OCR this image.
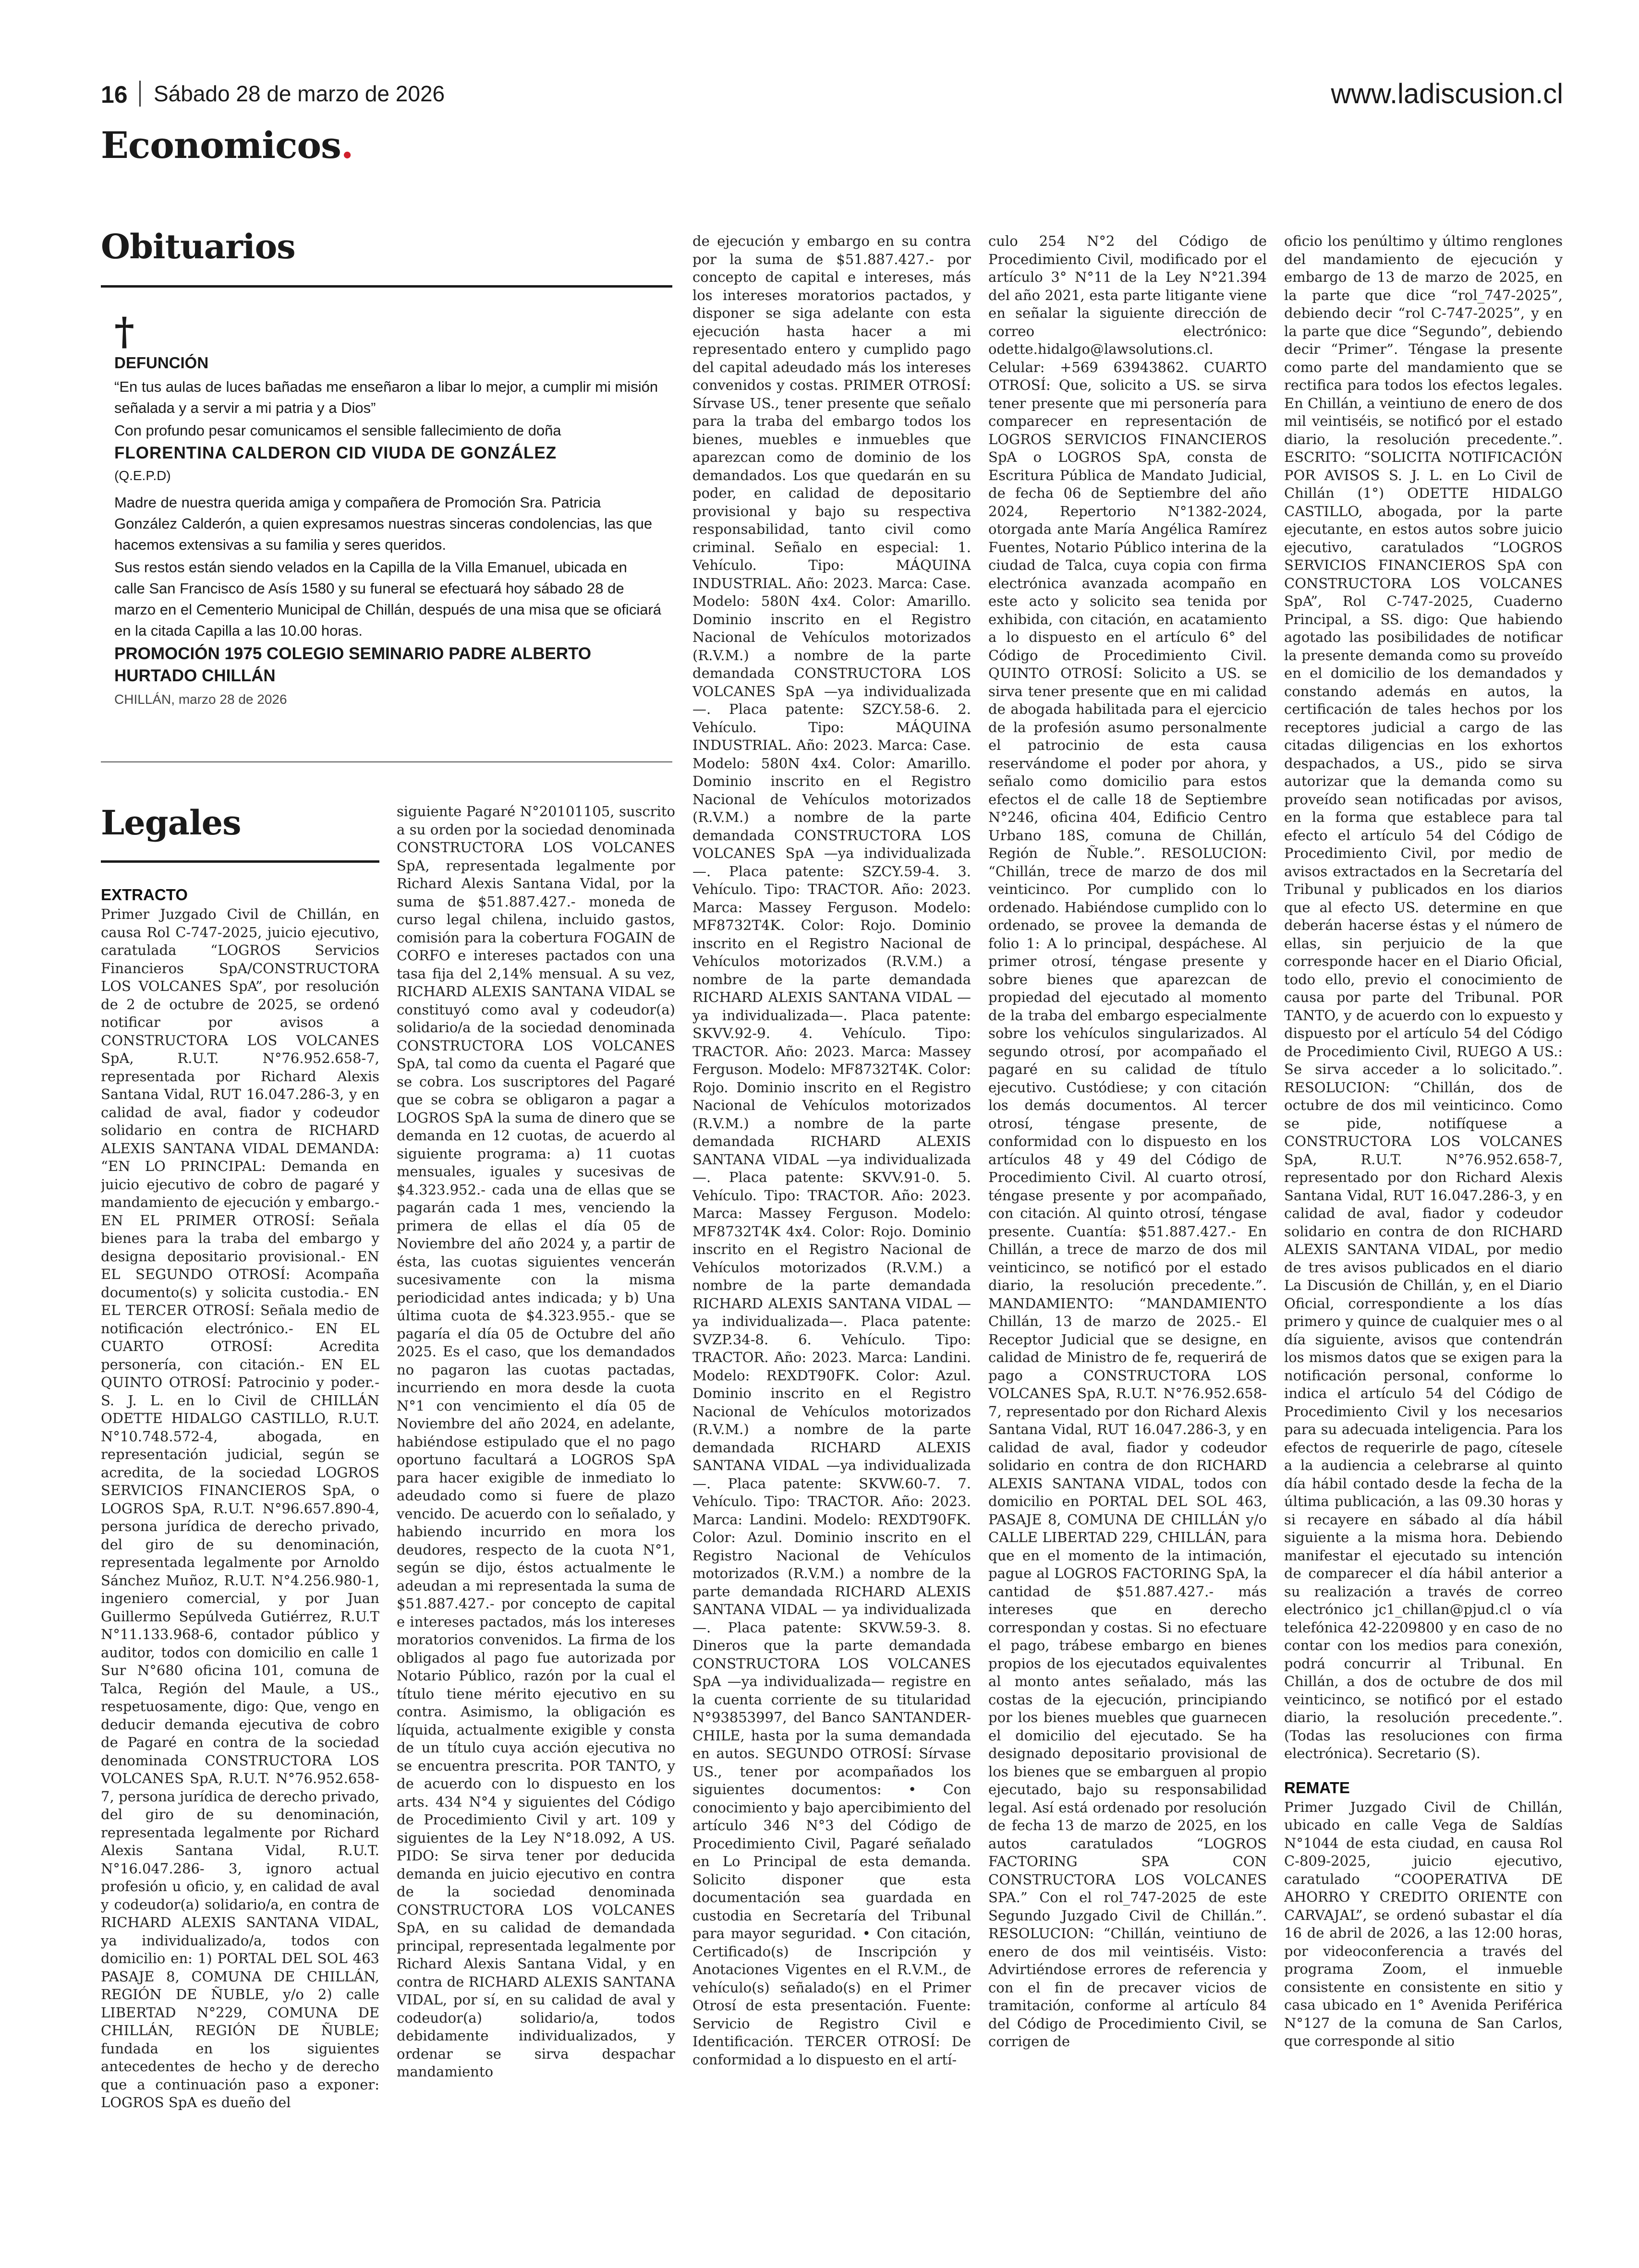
16 Sábado 28 de marzo de 2026	www.ladiscusion.cl
Economicos.
Obituarios

†

DEFUNCIÓN

“En tus aulas de luces bañadas me enseñaron a libar lo mejor, a cumplir mi misión señalada y a servir a mi patria y a Dios”

Con profundo pesar comunicamos el sensible fallecimiento de doña

FLORENTINA CALDERON CID VIUDA DE GONZÁLEZ

(Q.E.P.D)

Madre de nuestra querida amiga y compañera de Promoción Sra. Patricia González Calderón, a quien expresamos nuestras sinceras condolencias, las que hacemos extensivas a su familia y seres queridos.

Sus restos están siendo velados en la Capilla de la Villa Emanuel, ubicada en calle San Francisco de Asís 1580 y su funeral se efectuará hoy sábado 28 de marzo en el Cementerio Municipal de Chillán, después de una misa que se oficiará en la citada Capilla a las 10.00 horas.

PROMOCIÓN 1975 COLEGIO SEMINARIO PADRE ALBERTO HURTADO CHILLÁN

CHILLÁN, marzo 28 de 2026

Legales
EXTRACTO
Primer Juzgado Civil de Chillán, en causa Rol C-747-2025, juicio ejecutivo, caratulada “LOGROS Servicios Financieros SpA/CONSTRUCTORA LOS VOLCANES SpA”, por resolución de 2 de octubre de 2025, se ordenó notificar por avisos a CONSTRUCTORA LOS VOLCANES SpA, R.U.T. N°76.952.658-7, representada por Richard Alexis Santana Vidal, RUT 16.047.286-3, y en calidad de aval, fiador y codeudor solidario en contra de RICHARD ALEXIS SANTANA VIDAL DEMANDA: “EN LO PRINCIPAL: Demanda en juicio ejecutivo de cobro de pagaré y mandamiento de ejecución y embargo.- EN EL PRIMER OTROSÍ: Señala bienes para la traba del embargo y designa depositario provisional.- EN EL SEGUNDO OTROSÍ: Acompaña documento(s) y solicita custodia.- EN EL TERCER OTROSÍ: Señala medio de notificación electrónico.- EN EL CUARTO OTROSÍ: Acredita personería, con citación.- EN EL QUINTO OTROSÍ: Patrocinio y poder.- S. J. L. en lo Civil de CHILLÁN ODETTE HIDALGO CASTILLO, R.U.T. N°10.748.572-4, abogada, en representación judicial, según se acredita, de la sociedad LOGROS SERVICIOS FINANCIEROS SpA, o LOGROS SpA, R.U.T. N°96.657.890-4, persona jurídica de derecho privado, del giro de su denominación, representada legalmente por Arnoldo Sánchez Muñoz, R.U.T. N°4.256.980-1, ingeniero comercial, y por Juan Guillermo Sepúlveda Gutiérrez, R.U.T N°11.133.968-6, contador público y auditor, todos con domicilio en calle 1 Sur N°680 oficina 101, comuna de Talca, Región del Maule, a US., respetuosamente, digo: Que, vengo en deducir demanda ejecutiva de cobro de Pagaré en contra de la sociedad denominada CONSTRUCTORA LOS VOLCANES SpA, R.U.T. N°76.952.658-7, persona jurídica de derecho privado, del giro de su denominación, representada legalmente por Richard Alexis Santana Vidal, R.U.T. N°16.047.286- 3, ignoro actual profesión u oficio, y, en calidad de aval y codeudor(a) solidario/a, en contra de RICHARD ALEXIS SANTANA VIDAL, ya individualizado/a, todos con domicilio en: 1) PORTAL DEL SOL 463 PASAJE 8, COMUNA DE CHILLÁN, REGIÓN DE ÑUBLE, y/o 2) calle LIBERTAD N°229, COMUNA DE CHILLÁN, REGIÓN DE ÑUBLE; fundada en los siguientes antecedentes de hecho y de derecho que a continuación paso a exponer: LOGROS SpA es dueño del
siguiente Pagaré N°20101105, suscrito a su orden por la sociedad denominada CONSTRUCTORA LOS VOLCANES SpA, representada legalmente por Richard Alexis Santana Vidal, por la suma de $51.887.427.- moneda de curso legal chilena, incluido gastos, comisión para la cobertura FOGAIN de CORFO e intereses pactados con una tasa fija del 2,14% mensual. A su vez, RICHARD ALEXIS SANTANA VIDAL se constituyó como aval y codeudor(a) solidario/a de la sociedad denominada CONSTRUCTORA LOS VOLCANES SpA, tal como da cuenta el Pagaré que se cobra. Los suscriptores del Pagaré que se cobra se obligaron a pagar a LOGROS SpA la suma de dinero que se demanda en 12 cuotas, de acuerdo al siguiente programa: a) 11 cuotas mensuales, iguales y sucesivas de $4.323.952.- cada una de ellas que se pagarán cada 1 mes, venciendo la primera de ellas el día 05 de Noviembre del año 2024 y, a partir de ésta, las cuotas siguientes vencerán sucesivamente con la misma periodicidad antes indicada; y b) Una última cuota de $4.323.955.- que se pagaría el día 05 de Octubre del año 2025. Es el caso, que los demandados no pagaron las cuotas pactadas, incurriendo en mora desde la cuota N°1 con vencimiento el día 05 de Noviembre del año 2024, en adelante, habiéndose estipulado que el no pago oportuno facultará a LOGROS SpA para hacer exigible de inmediato lo adeudado como si fuere de plazo vencido. De acuerdo con lo señalado, y habiendo incurrido en mora los deudores, respecto de la cuota N°1, según se dijo, éstos actualmente le adeudan a mi representada la suma de $51.887.427.- por concepto de capital e intereses pactados, más los intereses moratorios convenidos. La firma de los obligados al pago fue autorizada por Notario Público, razón por la cual el título tiene mérito ejecutivo en su contra. Asimismo, la obligación es líquida, actualmente exigible y consta de un título cuya acción ejecutiva no se encuentra prescrita. POR TANTO, y de acuerdo con lo dispuesto en los arts. 434 N°4 y siguientes del Código de Procedimiento Civil y art. 109 y siguientes de la Ley N°18.092, A US. PIDO: Se sirva tener por deducida demanda en juicio ejecutivo en contra de la sociedad denominada CONSTRUCTORA LOS VOLCANES SpA, en su calidad de demandada principal, representada legalmente por Richard Alexis Santana Vidal, y en contra de RICHARD ALEXIS SANTANA VIDAL, por sí, en su calidad de aval y codeudor(a) solidario/a, todos debidamente individualizados, y ordenar se sirva despachar mandamiento
de ejecución y embargo en su contra por la suma de $51.887.427.- por concepto de capital e intereses, más los intereses moratorios pactados, y disponer se siga adelante con esta ejecución hasta hacer a mi representado entero y cumplido pago del capital adeudado más los intereses convenidos y costas. PRIMER OTROSÍ: Sírvase US., tener presente que señalo para la traba del embargo todos los bienes, muebles e inmuebles que aparezcan como de dominio de los demandados. Los que quedarán en su poder, en calidad de depositario provisional y bajo su respectiva responsabilidad, tanto civil como criminal. Señalo en especial: 1. Vehículo. Tipo: MÁQUINA INDUSTRIAL. Año: 2023. Marca: Case. Modelo: 580N 4x4. Color: Amarillo. Dominio inscrito en el Registro Nacional de Vehículos motorizados (R.V.M.) a nombre de la parte demandada CONSTRUCTORA LOS VOLCANES SpA —ya individualizada—. Placa patente: SZCY.58-6. 2. Vehículo. Tipo: MÁQUINA INDUSTRIAL. Año: 2023. Marca: Case. Modelo: 580N 4x4. Color: Amarillo. Dominio inscrito en el Registro Nacional de Vehículos motorizados (R.V.M.) a nombre de la parte demandada CONSTRUCTORA LOS VOLCANES SpA —ya individualizada—. Placa patente: SZCY.59-4. 3. Vehículo. Tipo: TRACTOR. Año: 2023. Marca: Massey Ferguson. Modelo: MF8732T4K. Color: Rojo. Dominio inscrito en el Registro Nacional de Vehículos motorizados (R.V.M.) a nombre de la parte demandada RICHARD ALEXIS SANTANA VIDAL —ya individualizada—. Placa patente: SKVV.92-9. 4. Vehículo. Tipo: TRACTOR. Año: 2023. Marca: Massey Ferguson. Modelo: MF8732T4K. Color: Rojo. Dominio inscrito en el Registro Nacional de Vehículos motorizados (R.V.M.) a nombre de la parte demandada RICHARD ALEXIS SANTANA VIDAL —ya individualizada—. Placa patente: SKVV.91-0. 5. Vehículo. Tipo: TRACTOR. Año: 2023. Marca: Massey Ferguson. Modelo: MF8732T4K 4x4. Color: Rojo. Dominio inscrito en el Registro Nacional de Vehículos motorizados (R.V.M.) a nombre de la parte demandada RICHARD ALEXIS SANTANA VIDAL —ya individualizada—. Placa patente: SVZP.34-8. 6. Vehículo. Tipo: TRACTOR. Año: 2023. Marca: Landini. Modelo: REXDT90FK. Color: Azul. Dominio inscrito en el Registro Nacional de Vehículos motorizados (R.V.M.) a nombre de la parte demandada RICHARD ALEXIS SANTANA VIDAL —ya individualizada—. Placa patente: SKVW.60-7. 7. Vehículo. Tipo: TRACTOR. Año: 2023. Marca: Landini. Modelo: REXDT90FK. Color: Azul. Dominio inscrito en el Registro Nacional de Vehículos motorizados (R.V.M.) a nombre de la parte demandada RICHARD ALEXIS SANTANA VIDAL — ya individualizada—. Placa patente: SKVW.59-3. 8. Dineros que la parte demandada CONSTRUCTORA LOS VOLCANES SpA —ya individualizada— registre en la cuenta corriente de su titularidad N°93853997, del Banco SANTANDER-CHILE, hasta por la suma demandada en autos. SEGUNDO OTROSÍ: Sírvase US., tener por acompañados los siguientes documentos: • Con conocimiento y bajo apercibimiento del artículo 346 N°3 del Código de Procedimiento Civil, Pagaré señalado en Lo Principal de esta demanda. Solicito disponer que esta documentación sea guardada en custodia en Secretaría del Tribunal para mayor seguridad. • Con citación, Certificado(s) de Inscripción y Anotaciones Vigentes en el R.V.M., de vehículo(s) señalado(s) en el Primer Otrosí de esta presentación. Fuente: Servicio de Registro Civil e Identificación. TERCER OTROSÍ: De conformidad a lo dispuesto en el artí-
culo 254 N°2 del Código de Procedimiento Civil, modificado por el artículo 3° N°11 de la Ley N°21.394 del año 2021, esta parte litigante viene en señalar la siguiente dirección de correo electrónico: odette.hidalgo@lawsolutions.cl. Celular: +569 63943862. CUARTO OTROSÍ: Que, solicito a US. se sirva tener presente que mi personería para comparecer en representación de LOGROS SERVICIOS FINANCIEROS SpA o LOGROS SpA, consta de Escritura Pública de Mandato Judicial, de fecha 06 de Septiembre del año 2024, Repertorio N°1382-2024, otorgada ante María Angélica Ramírez Fuentes, Notario Público interina de la ciudad de Talca, cuya copia con firma electrónica avanzada acompaño en este acto y solicito sea tenida por exhibida, con citación, en acatamiento a lo dispuesto en el artículo 6° del Código de Procedimiento Civil. QUINTO OTROSÍ: Solicito a US. se sirva tener presente que en mi calidad de abogada habilitada para el ejercicio de la profesión asumo personalmente el patrocinio de esta causa reservándome el poder por ahora, y señalo como domicilio para estos efectos el de calle 18 de Septiembre N°246, oficina 404, Edificio Centro Urbano 18S, comuna de Chillán, Región de Ñuble.”. RESOLUCION: “Chillán, trece de marzo de dos mil veinticinco. Por cumplido con lo ordenado. Habiéndose cumplido con lo ordenado, se provee la demanda de folio 1: A lo principal, despáchese. Al primer otrosí, téngase presente y sobre bienes que aparezcan de propiedad del ejecutado al momento de la traba del embargo especialmente sobre los vehículos singularizados. Al segundo otrosí, por acompañado el pagaré en su calidad de título ejecutivo. Custódiese; y con citación los demás documentos. Al tercer otrosí, téngase presente, de conformidad con lo dispuesto en los artículos 48 y 49 del Código de Procedimiento Civil. Al cuarto otrosí, téngase presente y por acompañado, con citación. Al quinto otrosí, téngase presente. Cuantía: $51.887.427.- En Chillán, a trece de marzo de dos mil veinticinco, se notificó por el estado diario, la resolución precedente.”. MANDAMIENTO: “MANDAMIENTO Chillán, 13 de marzo de 2025.- El Receptor Judicial que se designe, en calidad de Ministro de fe, requerirá de pago a CONSTRUCTORA LOS VOLCANES SpA, R.U.T. N°76.952.658-7, representado por don Richard Alexis Santana Vidal, RUT 16.047.286-3, y en calidad de aval, fiador y codeudor solidario en contra de don RICHARD ALEXIS SANTANA VIDAL, todos con domicilio en PORTAL DEL SOL 463, PASAJE 8, COMUNA DE CHILLÁN y/o CALLE LIBERTAD 229, CHILLÁN, para que en el momento de la intimación, pague al LOGROS FACTORING SpA, la cantidad de $51.887.427.- más intereses que en derecho correspondan y costas. Si no efectuare el pago, trábese embargo en bienes propios de los ejecutados equivalentes al monto antes señalado, más las costas de la ejecución, principiando por los bienes muebles que guarnecen el domicilio del ejecutado. Se ha designado depositario provisional de los bienes que se embarguen al propio ejecutado, bajo su responsabilidad legal. Así está ordenado por resolución de fecha 13 de marzo de 2025, en los autos caratulados “LOGROS FACTORING SPA CON CONSTRUCTORA LOS VOLCANES SPA.” Con el rol_747-2025 de este Segundo Juzgado Civil de Chillán.”. RESOLUCION: “Chillán, veintiuno de enero de dos mil veintiséis. Visto: Advirtiéndose errores de referencia y con el fin de precaver vicios de tramitación, conforme al artículo 84 del Código de Procedimiento Civil, se corrigen de
oficio los penúltimo y último renglones del mandamiento de ejecución y embargo de 13 de marzo de 2025, en la parte que dice “rol_747-2025”, debiendo decir “rol C-747-2025”, y en la parte que dice “Segundo”, debiendo decir “Primer”. Téngase la presente como parte del mandamiento que se rectifica para todos los efectos legales. En Chillán, a veintiuno de enero de dos mil veintiséis, se notificó por el estado diario, la resolución precedente.”. ESCRITO: “SOLICITA NOTIFICACIÓN POR AVISOS S. J. L. en Lo Civil de Chillán (1°) ODETTE HIDALGO CASTILLO, abogada, por la parte ejecutante, en estos autos sobre juicio ejecutivo, caratulados “LOGROS SERVICIOS FINANCIEROS SpA con CONSTRUCTORA LOS VOLCANES SpA”, Rol C-747-2025, Cuaderno Principal, a SS. digo: Que habiendo agotado las posibilidades de notificar la presente demanda como su proveído en el domicilio de los demandados y constando además en autos, la certificación de tales hechos por los receptores judicial a cargo de las citadas diligencias en los exhortos despachados, a US., pido se sirva autorizar que la demanda como su proveído sean notificadas por avisos, en la forma que establece para tal efecto el artículo 54 del Código de Procedimiento Civil, por medio de avisos extractados en la Secretaría del Tribunal y publicados en los diarios que al efecto US. determine en que deberán hacerse éstas y el número de ellas, sin perjuicio de la que corresponde hacer en el Diario Oficial, todo ello, previo el conocimiento de causa por parte del Tribunal. POR TANTO, y de acuerdo con lo expuesto y dispuesto por el artículo 54 del Código de Procedimiento Civil, RUEGO A US.: Se sirva acceder a lo solicitado.”. RESOLUCION: “Chillán, dos de octubre de dos mil veinticinco. Como se pide, notifíquese a CONSTRUCTORA LOS VOLCANES SpA, R.U.T. N°76.952.658-7, representado por don Richard Alexis Santana Vidal, RUT 16.047.286-3, y en calidad de aval, fiador y codeudor solidario en contra de don RICHARD ALEXIS SANTANA VIDAL, por medio de tres avisos publicados en el diario La Discusión de Chillán, y, en el Diario Oficial, correspondiente a los días primero y quince de cualquier mes o al día siguiente, avisos que contendrán los mismos datos que se exigen para la notificación personal, conforme lo indica el artículo 54 del Código de Procedimiento Civil y los necesarios para su adecuada inteligencia. Para los efectos de requerirle de pago, cítesele a la audiencia a celebrarse al quinto día hábil contado desde la fecha de la última publicación, a las 09.30 horas y si recayere en sábado al día hábil siguiente a la misma hora. Debiendo manifestar el ejecutado su intención de comparecer el día hábil anterior a su realización a través de correo electrónico jc1_chillan@pjud.cl o vía telefónica 42-2209800 y en caso de no contar con los medios para conexión, podrá concurrir al Tribunal. En Chillán, a dos de octubre de dos mil veinticinco, se notificó por el estado diario, la resolución precedente.”. (Todas las resoluciones con firma electrónica). Secretario (S).
REMATE
Primer Juzgado Civil de Chillán, ubicado en calle Vega de Saldías N°1044 de esta ciudad, en causa Rol C-809-2025, juicio ejecutivo, caratulado “COOPERATIVA DE AHORRO Y CREDITO ORIENTE con CARVAJAL”, se ordenó subastar el día 16 de abril de 2026, a las 12:00 horas, por videoconferencia a través del programa Zoom, el inmueble consistente en consistente en sitio y casa ubicado en 1° Avenida Periférica N°127 de la comuna de San Carlos, que corresponde al sitio
